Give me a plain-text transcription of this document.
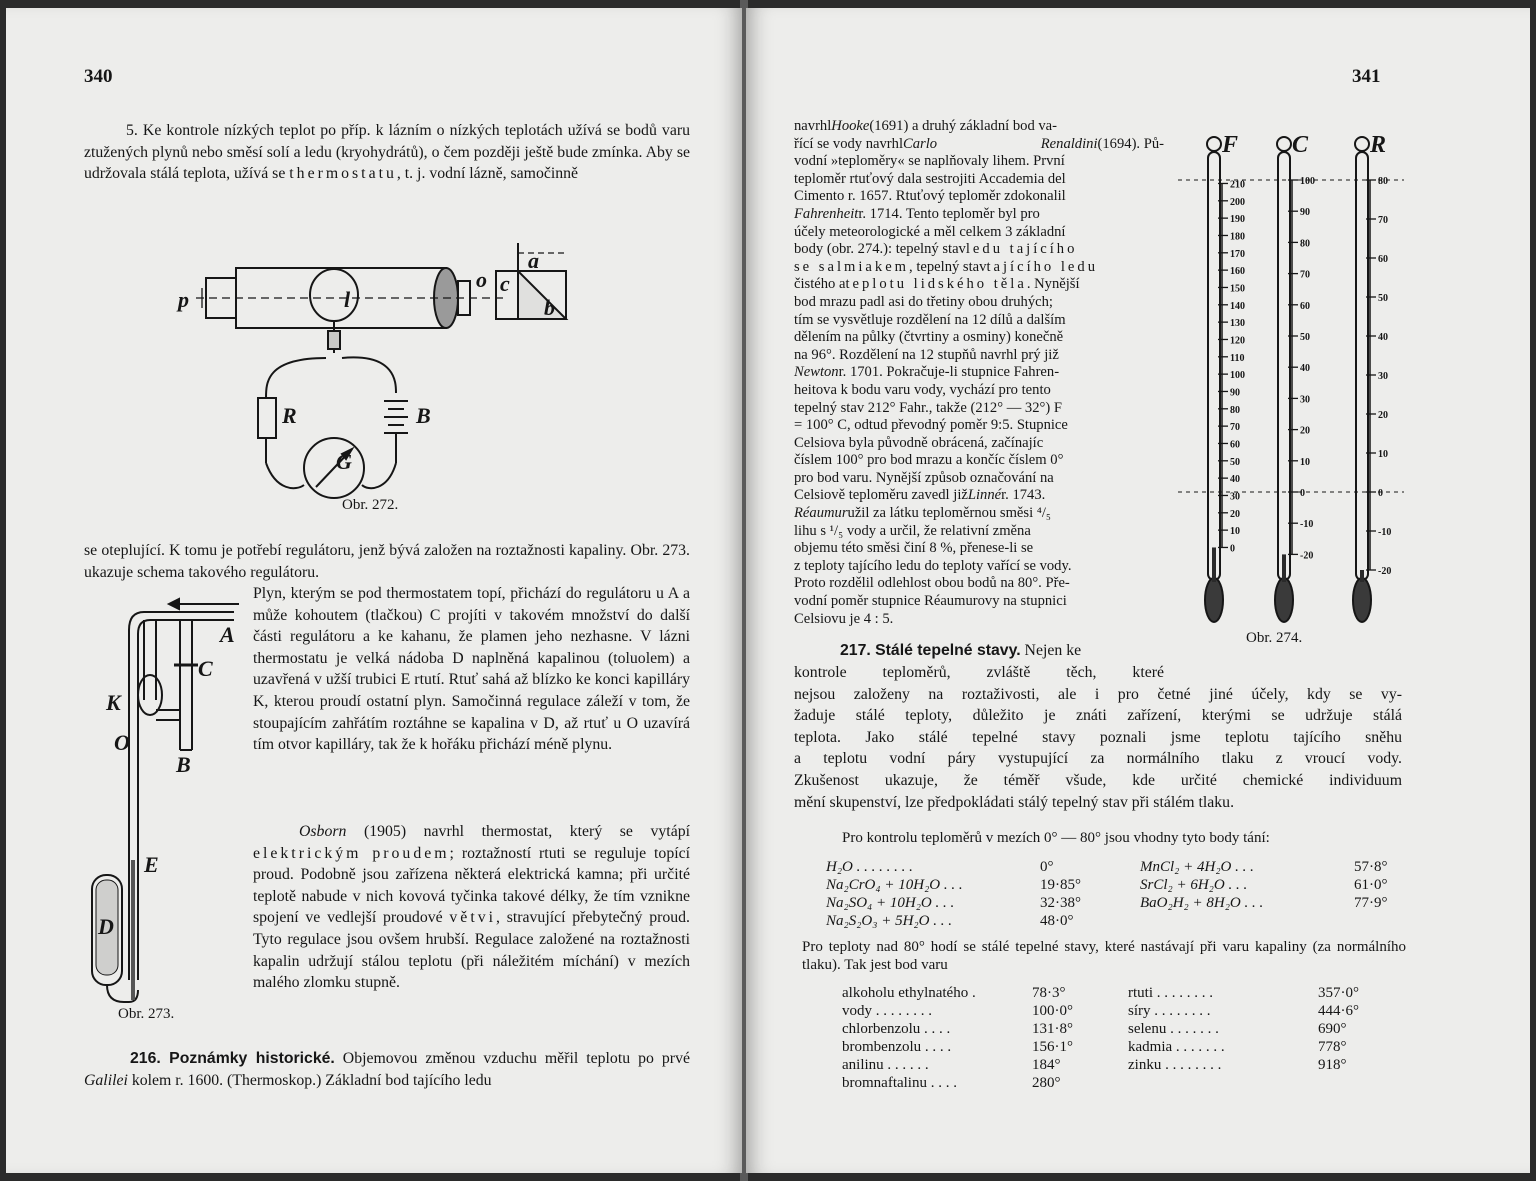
340
5. Ke kontrole nízkých teplot po příp. k lázním o nízkých teplotách užívá se bodů varu ztužených plynů nebo směsí solí a ledu (kryohydrátů), o čem později ještě bude zmínka. Aby se udržovala stálá teplota, užívá se thermostatu, t. j. vodní lázně, samočinně
p	l
o
a
c
b
R	B
G
Obr. 272.
se oteplující. K tomu je potřebí regulátoru, jenž bývá založen na roztažnosti kapaliny. Obr. 273. ukazuje schema takového regulátoru.
Plyn, kterým se pod thermostatem topí, přichází do regulátoru u A a může kohoutem (tlačkou) C projíti v takovém množství do další části regulátoru a ke kahanu, že plamen jeho nezhasne. V lázni thermostatu je velká nádoba D naplněná kapalinou (toluolem) a uzavřená v užší trubici E rtutí. Rtuť sahá až blízko ke konci kapilláry K, kterou proudí ostatní plyn. Samočinná regulace záleží v tom, že stoupajícím zahřátím roztáhne se kapalina v D, až rtuť u O uzavírá tím otvor kapilláry, tak že k hořáku přichází méně plynu.
Osborn (1905) navrhl thermostat, který se vytápí elektrickým proudem; roztažností rtuti se reguluje topící proud. Podobně jsou zařízena některá elektrická kamna; při určité teplotě nabude v nich kovová tyčinka takové délky, že tím vznikne spojení ve vedlejší proudové větvi, stravující přebytečný proud. Tyto regulace jsou ovšem hrubší. Regulace založené na roztažnosti kapalin udržují stálou teplotu (při náležitém míchání) v mezích malého zlomku stupně.
A
C
K
O
B
E
D
Obr. 273.
216. Poznámky historické. Objemovou změnou vzduchu měřil teplotu po prvé Galilei kolem r. 1600. (Thermoskop.) Základní bod tajícího ledu
341
navrhlHooke(1691) a druhý základní bod va-
řící se vody navrhlCarlo Renaldini(1694). Pů-
vodní »teploměry« se naplňovaly lihem. První
teploměr rtuťový dala sestrojiti Accademia del
Cimento r. 1657. Rtuťový teploměr zdokonalil
Fahrenheitr. 1714. Tento teploměr byl pro
účely meteorologické a měl celkem 3 základní
body (obr. 274.): tepelný stavledu tajícího
se salmiakem, tepelný stavtajícího ledu
čistého ateplotu lidského těla. Nynější
bod mrazu padl asi do třetiny obou druhých;
tím se vysvětluje rozdělení na 12 dílů a dalším
dělením na půlky (čtvrtiny a osminy) konečně
na 96°. Rozdělení na 12 stupňů navrhl prý již
Newtonr. 1701. Pokračuje-li stupnice Fahren-
heitova k bodu varu vody, vychází pro tento
tepelný stav 212° Fahr., takže (212° — 32°) F
= 100° C, odtud převodný poměr 9:5. Stupnice
Celsiova byla původně obrácená, začínajíc
číslem 100° pro bod mrazu a končíc číslem 0°
pro bod varu. Nynější způsob označování na
Celsiově teploměru zavedl jižLinnér. 1743.
Réaumuružil za látku teploměrnou směsi ⁴/₅
lihu s ¹/₅ vody a určil, že relativní změna
objemu této směsi činí 8 %, přenese-li se
z teploty tajícího ledu do teploty vařící se vody.
Proto rozdělil odlehlost obou bodů na 80°. Pře-
vodní poměr stupnice Réaumurovy na stupnici
Celsiovu je 4 : 5.
F
210
200
190
180
170
160
150
140
130
120
110
100
90
80
70
60
50
40
30
20
10
0
C
100
90
80
70
60
50
40
30
20
10
0
-10
-20
R
80
70
60
50
40
30
20
10
0
-10
-20
Obr. 274.
217. Stálé tepelné stavy. Nejen ke
kontrole teploměrů, zvláště těch, které
nejsou založeny na roztaživosti, ale i pro četné jiné účely, kdy se vy-
žaduje stálé teploty, důležito je znáti zařízení, kterými se udržuje stálá
teplota. Jako stálé tepelné stavy poznali jsme teplotu tajícího sněhu
a teplotu vodní páry vystupující za normálního tlaku z vroucí vody.
Zkušenost ukazuje, že téměř všude, kde určité chemické individuum
mění skupenství, lze předpokládati stálý tepelný stav při stálém tlaku.
Pro kontrolu teploměrů v mezích 0° — 80° jsou vhodny tyto body tání:
H₂O . . . . . . . .	0°
Na₂CrO₄ + 10H₂O . . .	19·85°
Na₂SO₄ + 10H₂O . . .	32·38°
Na₂S₂O₃ + 5H₂O . . .	48·0°
MnCl₂ + 4H₂O . . .	57·8°
SrCl₂ + 6H₂O . . .	61·0°
BaO₂H₂ + 8H₂O . . .	77·9°
Pro teploty nad 80° hodí se stálé tepelné stavy, které nastávají při varu kapaliny (za normálního tlaku). Tak jest bod varu
alkoholu ethylnatého .	78·3°
vody . . . . . . . .	100·0°
chlorbenzolu . . . .	131·8°
brombenzolu . . . .	156·1°
anilinu . . . . . .	184°
bromnaftalinu . . . .	280°
rtuti . . . . . . . .	357·0°
síry . . . . . . . .	444·6°
selenu . . . . . . .	690°
kadmia . . . . . . .	778°
zinku . . . . . . . .	918°
